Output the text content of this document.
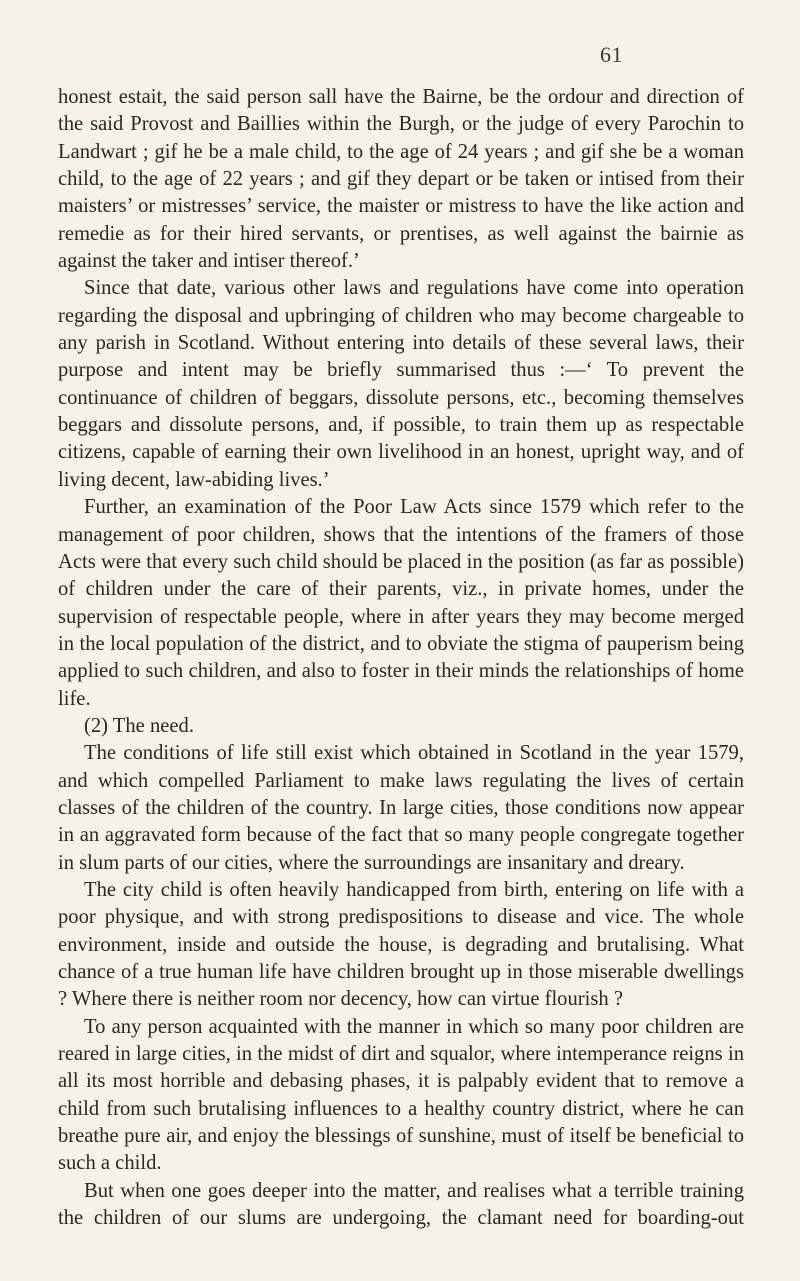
61

honest estait, the said person sall have the Bairne, be the ordour and direction of the said Provost and Baillies within the Burgh, or the judge of every Parochin to Landwart ; gif he be a male child, to the age of 24 years ; and gif she be a woman child, to the age of 22 years ; and gif they depart or be taken or intised from their maisters’ or mistresses’ service, the maister or mistress to have the like action and remedie as for their hired servants, or prentises, as well against the bairnie as against the taker and intiser thereof.’

Since that date, various other laws and regulations have come into operation regarding the disposal and upbringing of children who may become chargeable to any parish in Scotland. Without entering into details of these several laws, their purpose and intent may be briefly summarised thus :—‘ To prevent the continuance of children of beggars, dissolute persons, etc., becoming themselves beggars and dissolute persons, and, if possible, to train them up as respectable citizens, capable of earning their own livelihood in an honest, upright way, and of living decent, law-abiding lives.’

Further, an examination of the Poor Law Acts since 1579 which refer to the management of poor children, shows that the intentions of the framers of those Acts were that every such child should be placed in the position (as far as possible) of children under the care of their parents, viz., in private homes, under the supervision of respectable people, where in after years they may become merged in the local population of the district, and to obviate the stigma of pauperism being applied to such children, and also to foster in their minds the relationships of home life.

(2) The need.

The conditions of life still exist which obtained in Scotland in the year 1579, and which compelled Parliament to make laws regulating the lives of certain classes of the children of the country. In large cities, those conditions now appear in an aggravated form because of the fact that so many people congregate together in slum parts of our cities, where the surroundings are insanitary and dreary.

The city child is often heavily handicapped from birth, entering on life with a poor physique, and with strong predispositions to disease and vice. The whole environment, inside and outside the house, is degrading and brutalising. What chance of a true human life have children brought up in those miserable dwellings ? Where there is neither room nor decency, how can virtue flourish ?

To any person acquainted with the manner in which so many poor children are reared in large cities, in the midst of dirt and squalor, where intemperance reigns in all its most horrible and debasing phases, it is palpably evident that to remove a child from such brutalising influences to a healthy country district, where he can breathe pure air, and enjoy the blessings of sunshine, must of itself be beneficial to such a child.

But when one goes deeper into the matter, and realises what a terrible training the children of our slums are undergoing, the clamant need for boarding-out
